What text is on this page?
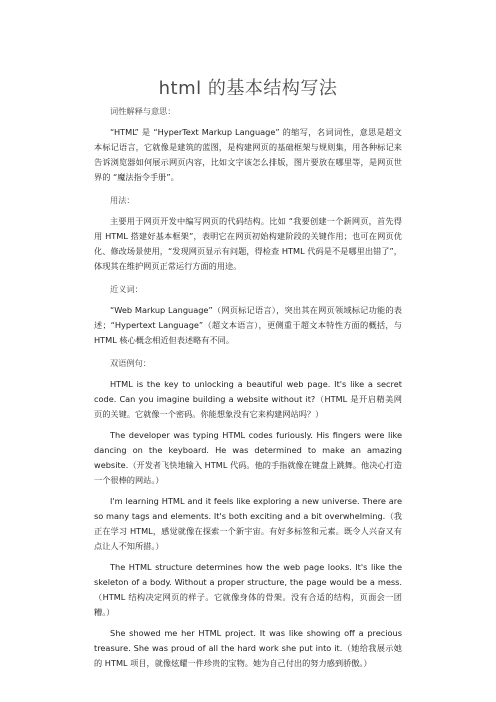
html 的基本结构写法
词性解释与意思：
“HTML” 是 “HyperText Markup Language” 的缩写，名词词性，意思是超文本标记语言，它就像是建筑的蓝图，是构建网页的基础框架与规则集，用各种标记来告诉浏览器如何展示网页内容，比如文字该怎么排版，图片要放在哪里等，是网页世界的 “魔法指令手册”。
用法：
主要用于网页开发中编写网页的代码结构。比如 “我要创建一个新网页，首先得用 HTML 搭建好基本框架”，表明它在网页初始构建阶段的关键作用；也可在网页优化、修改场景使用，“发现网页显示有问题，得检查 HTML 代码是不是哪里出错了”，体现其在维护网页正常运行方面的用途。
近义词：
“Web Markup Language”（网页标记语言），突出其在网页领域标记功能的表述；“Hypertext Language”（超文本语言），更侧重于超文本特性方面的概括，与 HTML 核心概念相近但表述略有不同。
双语例句：
HTML is the key to unlocking a beautiful web page. It's like a secret code. Can you imagine building a website without it?（HTML 是开启精美网页的关键。它就像一个密码。你能想象没有它来构建网站吗？）
The developer was typing HTML codes furiously. His fingers were like dancing on the keyboard. He was determined to make an amazing website.（开发者飞快地输入 HTML 代码。他的手指就像在键盘上跳舞。他决心打造一个很棒的网站。）
I'm learning HTML and it feels like exploring a new universe. There are so many tags and elements. It's both exciting and a bit overwhelming.（我正在学习 HTML，感觉就像在探索一个新宇宙。有好多标签和元素。既令人兴奋又有点让人不知所措。）
The HTML structure determines how the web page looks. It's like the skeleton of a body. Without a proper structure, the page would be a mess.（HTML 结构决定网页的样子。它就像身体的骨架。没有合适的结构，页面会一团糟。）
She showed me her HTML project. It was like showing off a precious treasure. She was proud of all the hard work she put into it.（她给我展示她的 HTML 项目，就像炫耀一件珍贵的宝物。她为自己付出的努力感到骄傲。）
